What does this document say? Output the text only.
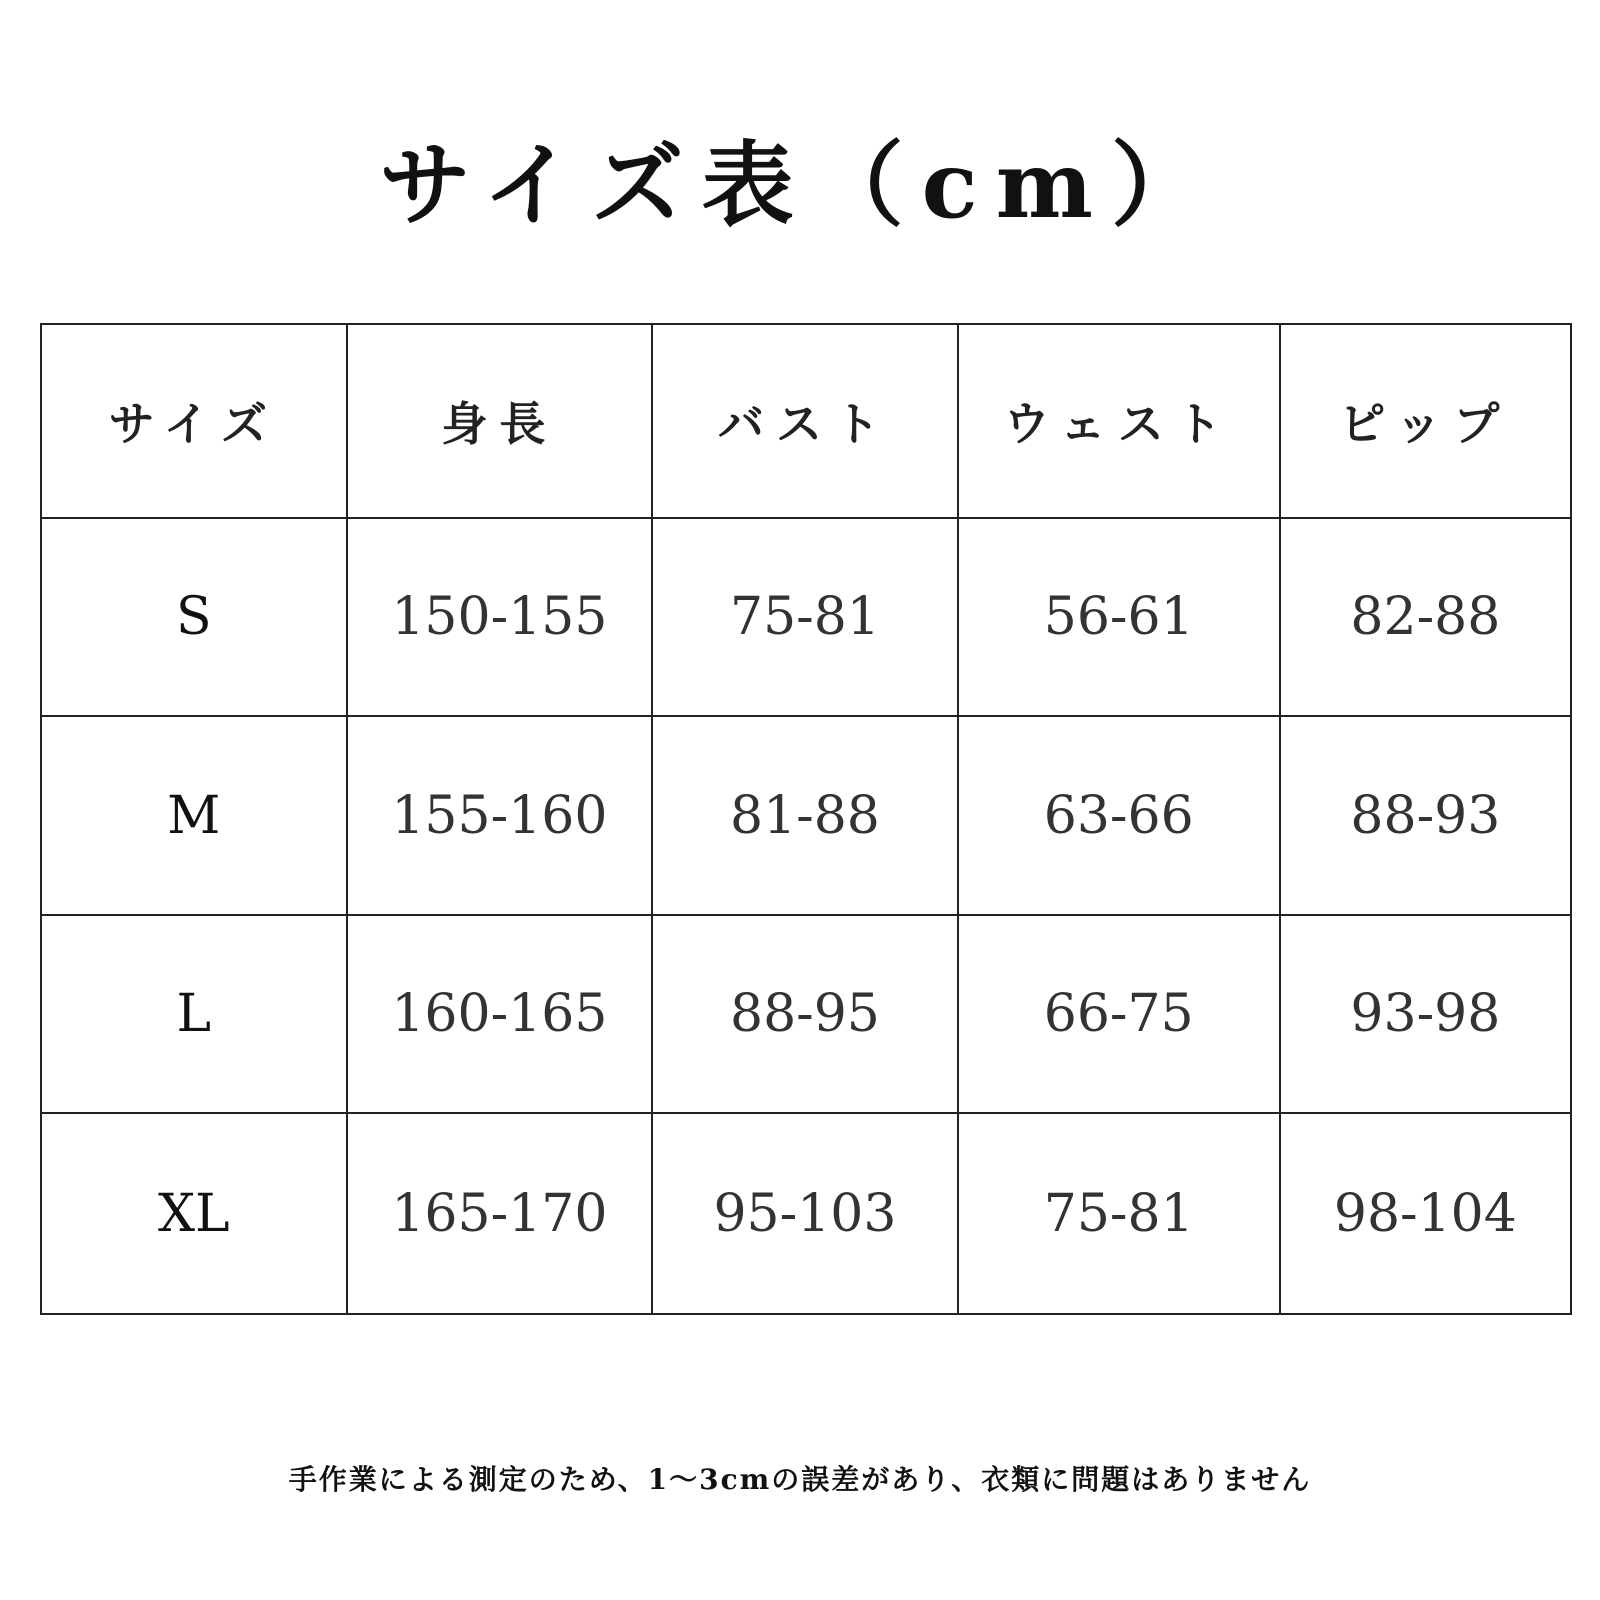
サイズ表（cm）
サイズ	身長	バスト	ウェスト	ピップ
S	150-155	75-81	56-61	82-88
M	155-160	81-88	63-66	88-93
L	160-165	88-95	66-75	93-98
XL	165-170	95-103	75-81	98-104

手作業による測定のため、1〜3cmの誤差があり、衣類に問題はありません
